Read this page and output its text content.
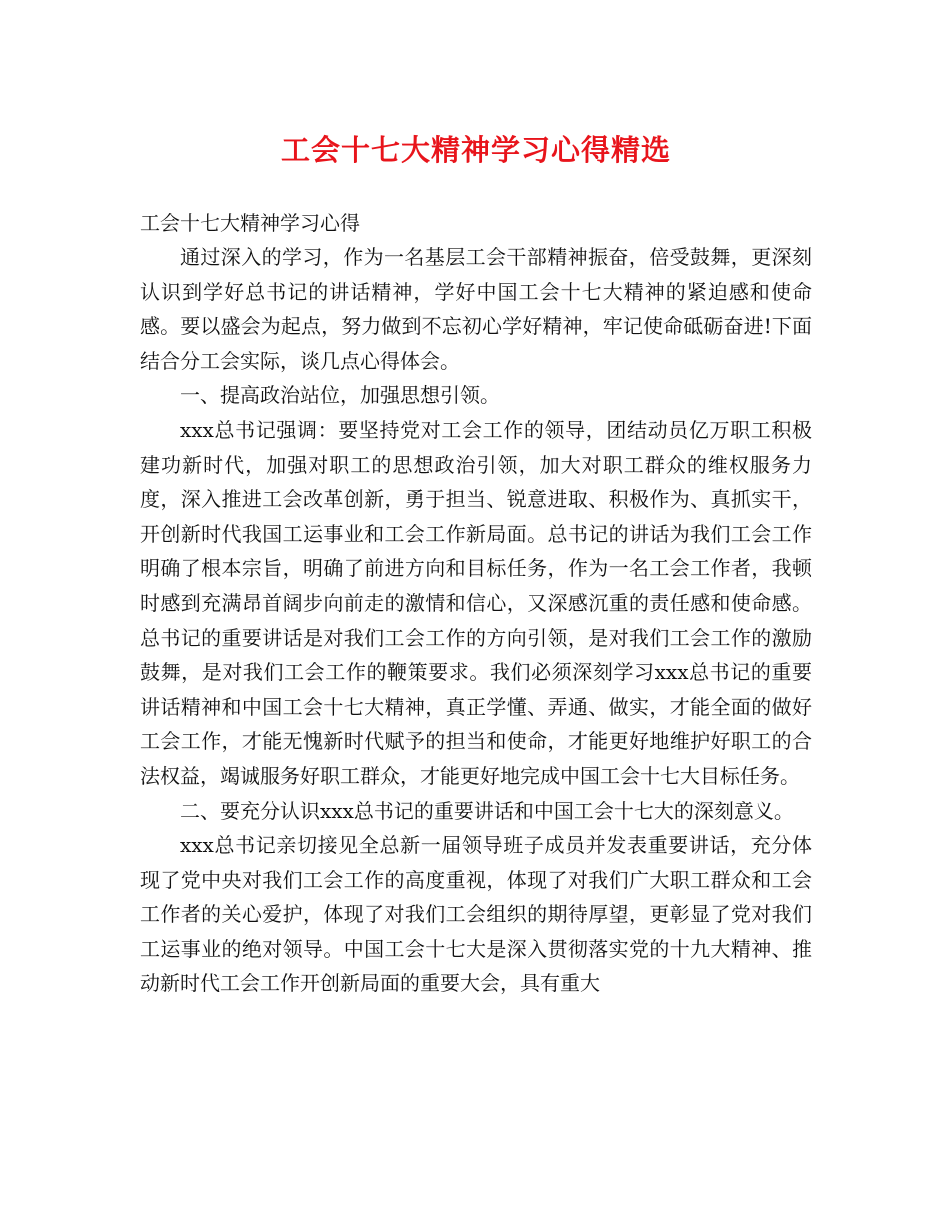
工会十七大精神学习心得精选
工会十七大精神学习心得

通过深入的学习，作为一名基层工会干部精神振奋，倍受鼓舞，更深刻认识到学好总书记的讲话精神，学好中国工会十七大精神的紧迫感和使命感。要以盛会为起点，努力做到不忘初心学好精神，牢记使命砥砺奋进!下面结合分工会实际，谈几点心得体会。

一、提高政治站位，加强思想引领。

xxx总书记强调：要坚持党对工会工作的领导，团结动员亿万职工积极建功新时代，加强对职工的思想政治引领，加大对职工群众的维权服务力度，深入推进工会改革创新，勇于担当、锐意进取、积极作为、真抓实干，开创新时代我国工运事业和工会工作新局面。总书记的讲话为我们工会工作明确了根本宗旨，明确了前进方向和目标任务，作为一名工会工作者，我顿时感到充满昂首阔步向前走的激情和信心，又深感沉重的责任感和使命感。总书记的重要讲话是对我们工会工作的方向引领，是对我们工会工作的激励鼓舞，是对我们工会工作的鞭策要求。我们必须深刻学习xxx总书记的重要讲话精神和中国工会十七大精神，真正学懂、弄通、做实，才能全面的做好工会工作，才能无愧新时代赋予的担当和使命，才能更好地维护好职工的合法权益，竭诚服务好职工群众，才能更好地完成中国工会十七大目标任务。

二、要充分认识xxx总书记的重要讲话和中国工会十七大的深刻意义。

xxx总书记亲切接见全总新一届领导班子成员并发表重要讲话，充分体现了党中央对我们工会工作的高度重视，体现了对我们广大职工群众和工会工作者的关心爱护，体现了对我们工会组织的期待厚望，更彰显了党对我们工运事业的绝对领导。中国工会十七大是深入贯彻落实党的十九大精神、推动新时代工会工作开创新局面的重要大会，具有重大
